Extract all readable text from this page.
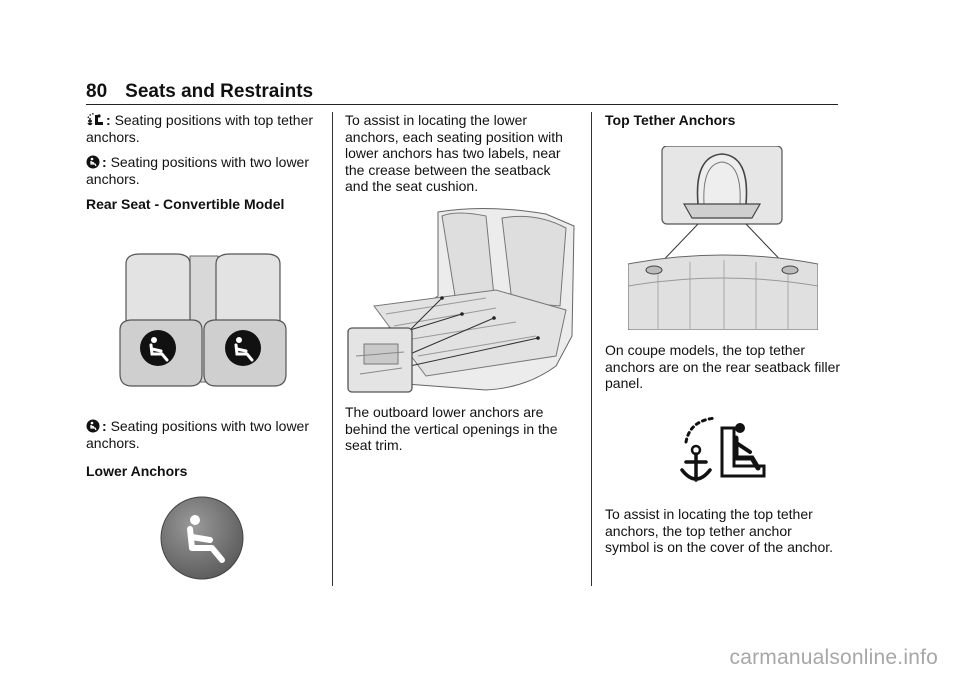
80 Seats and Restraints

: Seating positions with top tether anchors.

: Seating positions with two lower anchors.

Rear Seat - Convertible Model

: Seating positions with two lower anchors.

Lower Anchors

To assist in locating the lower anchors, each seating position with lower anchors has two labels, near the crease between the seatback and the seat cushion.

The outboard lower anchors are behind the vertical openings in the seat trim.

Top Tether Anchors

On coupe models, the top tether anchors are on the rear seatback filler panel.

To assist in locating the top tether anchors, the top tether anchor symbol is on the cover of the anchor.

carmanualsonline.info
